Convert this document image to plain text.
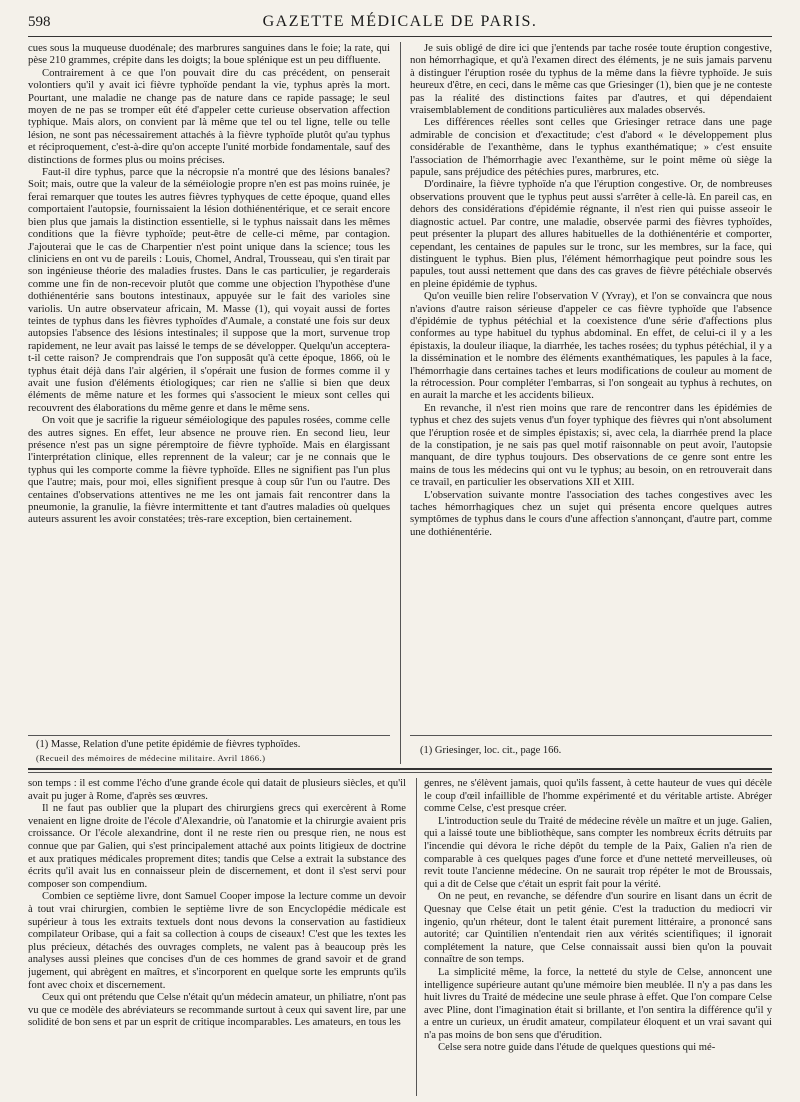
598	GAZETTE MÉDICALE DE PARIS.

cues sous la muqueuse duodénale; des marbrures sanguines dans le foie; la rate, qui pèse 210 grammes, crépite dans les doigts; la boue splénique est un peu diffluente.

Contrairement à ce que l'on pouvait dire du cas précédent, on penserait volontiers qu'il y avait ici fièvre typhoïde pendant la vie, typhus après la mort. Pourtant, une maladie ne change pas de nature dans ce rapide passage; le seul moyen de ne pas se tromper eût été d'appeler cette curieuse observation affection typhique. Mais alors, on convient par là même que tel ou tel ligne, telle ou telle lésion, ne sont pas nécessairement attachés à la fièvre typhoïde plutôt qu'au typhus et réciproquement, c'est-à-dire qu'on accepte l'unité morbide fondamentale, sauf des distinctions de formes plus ou moins précises.

Faut-il dire typhus, parce que la nécropsie n'a montré que des lésions banales? Soit; mais, outre que la valeur de la séméiologie propre n'en est pas moins ruinée, je ferai remarquer que toutes les autres fièvres typhyques de cette époque, quand elles comportaient l'autopsie, fournissaient la lésion dothiénentérique, et ce serait encore bien plus que jamais la distinction essentielle, si le typhus naissait dans les mêmes conditions que la fièvre typhoïde; peut-être de celle-ci même, par contagion. J'ajouterai que le cas de Charpentier n'est point unique dans la science; tous les cliniciens en ont vu de pareils : Louis, Chomel, Andral, Trousseau, qui s'en tirait par son ingénieuse théorie des maladies frustes. Dans le cas particulier, je regarderais comme une fin de non-recevoir plutôt que comme une objection l'hypothèse d'une dothiénentérie sans boutons intestinaux, appuyée sur le fait des varioles sine variolis. Un autre observateur africain, M. Masse (1), qui voyait aussi de fortes teintes de typhus dans les fièvres typhoïdes d'Aumale, a constaté une fois sur deux autopsies l'absence des lésions intestinales; il suppose que la mort, survenue trop rapidement, ne leur avait pas laissé le temps de se développer. Quelqu'un acceptera-t-il cette raison? Je comprendrais que l'on supposât qu'à cette époque, 1866, où le typhus était déjà dans l'air algérien, il s'opérait une fusion de formes comme il y avait une fusion d'éléments étiologiques; car rien ne s'allie si bien que deux éléments de même nature et les formes qui s'associent le mieux sont celles qui recouvrent des élaborations du même genre et dans le même sens.

On voit que je sacrifie la rigueur séméiologique des papules rosées, comme celle des autres signes. En effet, leur absence ne prouve rien. En second lieu, leur présence n'est pas un signe péremptoire de fièvre typhoïde. Mais en élargissant l'interprétation clinique, elles reprennent de la valeur; car je ne connais que le typhus qui les comporte comme la fièvre typhoïde. Elles ne signifient pas l'un plus que l'autre; mais, pour moi, elles signifient presque à coup sûr l'un ou l'autre. Des centaines d'observations attentives ne me les ont jamais fait rencontrer dans la pneumonie, la granulie, la fièvre intermittente et tant d'autres maladies où quelques auteurs assurent les avoir constatées; très-rare exception, bien certainement.

Je suis obligé de dire ici que j'entends par tache rosée toute éruption congestive, non hémorrhagique, et qu'à l'examen direct des éléments, je ne suis jamais parvenu à distinguer l'éruption rosée du typhus de la même dans la fièvre typhoïde. Je suis heureux d'être, en ceci, dans le même cas que Griesinger (1), bien que je ne conteste pas la réalité des distinctions faites par d'autres, et qui dépendaient vraisemblablement de conditions particulières aux malades observés.

Les différences réelles sont celles que Griesinger retrace dans une page admirable de concision et d'exactitude; c'est d'abord « le développement plus considérable de l'exanthème, dans le typhus exanthématique; » c'est ensuite l'association de l'hémorrhagie avec l'exanthème, sur le point même où siège la papule, sans préjudice des pétéchies pures, marbrures, etc.

D'ordinaire, la fièvre typhoïde n'a que l'éruption congestive. Or, de nombreuses observations prouvent que le typhus peut aussi s'arrêter à celle-là. En pareil cas, en dehors des considérations d'épidémie régnante, il n'est rien qui puisse asseoir le diagnostic actuel. Par contre, une maladie, observée parmi des fièvres typhoïdes, peut présenter la plupart des allures habituelles de la dothiénentérie et comporter, cependant, les centaines de papules sur le tronc, sur les membres, sur la face, qui distinguent le typhus. Bien plus, l'élément hémorrhagique peut poindre sous les papules, tout aussi nettement que dans des cas graves de fièvre pétéchiale observés en pleine épidémie de typhus.

Qu'on veuille bien relire l'observation V (Yvray), et l'on se convaincra que nous n'avions d'autre raison sérieuse d'appeler ce cas fièvre typhoïde que l'absence d'épidémie de typhus pétéchial et la coexistence d'une série d'affections plus conformes au type habituel du typhus abdominal. En effet, de celui-ci il y a les épistaxis, la douleur iliaque, la diarrhée, les taches rosées; du typhus pétéchial, il y a la dissémination et le nombre des éléments exanthématiques, les papules à la face, l'hémorrhagie dans certaines taches et leurs modifications de couleur au moment de la rétrocession. Pour compléter l'embarras, si l'on songeait au typhus à rechutes, on en aurait la marche et les accidents bilieux.

En revanche, il n'est rien moins que rare de rencontrer dans les épidémies de typhus et chez des sujets venus d'un foyer typhique des fièvres qui n'ont absolument que l'éruption rosée et de simples épistaxis; si, avec cela, la diarrhée prend la place de la constipation, je ne sais pas quel motif raisonnable on peut avoir, l'autopsie manquant, de dire typhus toujours. Des observations de ce genre sont entre les mains de tous les médecins qui ont vu le typhus; au besoin, on en retrouverait dans ce travail, en particulier les observations XII et XIII.

L'observation suivante montre l'association des taches congestives avec les taches hémorrhagiques chez un sujet qui présenta encore quelques autres symptômes de typhus dans le cours d'une affection s'annonçant, d'autre part, comme une dothiénentérie.

(1) Masse, Relation d'une petite épidémie de fièvres typhoïdes.
(Recueil des mémoires de médecine militaire. Avril 1866.)
(1) Griesinger, loc. cit., page 166.

son temps : il est comme l'écho d'une grande école qui datait de plusieurs siècles, et qu'il avait pu juger à Rome, d'après ses œuvres.

Il ne faut pas oublier que la plupart des chirurgiens grecs qui exercèrent à Rome venaient en ligne droite de l'école d'Alexandrie, où l'anatomie et la chirurgie avaient pris croissance. Or l'école alexandrine, dont il ne reste rien ou presque rien, ne nous est connue que par Galien, qui s'est principalement attaché aux points litigieux de doctrine et aux pratiques médicales proprement dites; tandis que Celse a extrait la substance des écrits qu'il avait lus en connaisseur plein de discernement, et dont il s'est servi pour composer son compendium.

Combien ce septième livre, dont Samuel Cooper impose la lecture comme un devoir à tout vrai chirurgien, combien le septième livre de son Encyclopédie médicale est supérieur à tous les extraits textuels dont nous devons la conservation au fastidieux compilateur Oribase, qui a fait sa collection à coups de ciseaux! C'est que les textes les plus précieux, détachés des ouvrages complets, ne valent pas à beaucoup près les analyses aussi pleines que concises d'un de ces hommes de grand savoir et de grand jugement, qui abrègent en maîtres, et s'incorporent en quelque sorte les emprunts qu'ils font avec choix et discernement.

Ceux qui ont prétendu que Celse n'était qu'un médecin amateur, un philiatre, n'ont pas vu que ce modèle des abréviateurs se recommande surtout à ceux qui savent lire, par une solidité de bon sens et par un esprit de critique incomparables. Les amateurs, en tous les

genres, ne s'élèvent jamais, quoi qu'ils fassent, à cette hauteur de vues qui décèle le coup d'œil infaillible de l'homme expérimenté et du véritable artiste. Abréger comme Celse, c'est presque créer.

L'introduction seule du Traité de médecine révèle un maître et un juge. Galien, qui a laissé toute une bibliothèque, sans compter les nombreux écrits détruits par l'incendie qui dévora le riche dépôt du temple de la Paix, Galien n'a rien de comparable à ces quelques pages d'une force et d'une netteté merveilleuses, où revit toute l'ancienne médecine. On ne saurait trop répéter le mot de Broussais, qui a dit de Celse que c'était un esprit fait pour la vérité.

On ne peut, en revanche, se défendre d'un sourire en lisant dans un écrit de Quesnay que Celse était un petit génie. C'est la traduction du mediocri vir ingenio, qu'un rhéteur, dont le talent était purement littéraire, a prononcé sans autorité; car Quintilien n'entendait rien aux vérités scientifiques; il ignorait complétement la nature, que Celse connaissait aussi bien qu'on la pouvait connaître de son temps.

La simplicité même, la force, la netteté du style de Celse, annoncent une intelligence supérieure autant qu'une mémoire bien meublée. Il n'y a pas dans les huit livres du Traité de médecine une seule phrase à effet. Que l'on compare Celse avec Pline, dont l'imagination était si brillante, et l'on sentira la différence qu'il y a entre un curieux, un érudit amateur, compilateur éloquent et un vrai savant qui n'a pas moins de bon sens que d'érudition.

Celse sera notre guide dans l'étude de quelques questions qui mé-
